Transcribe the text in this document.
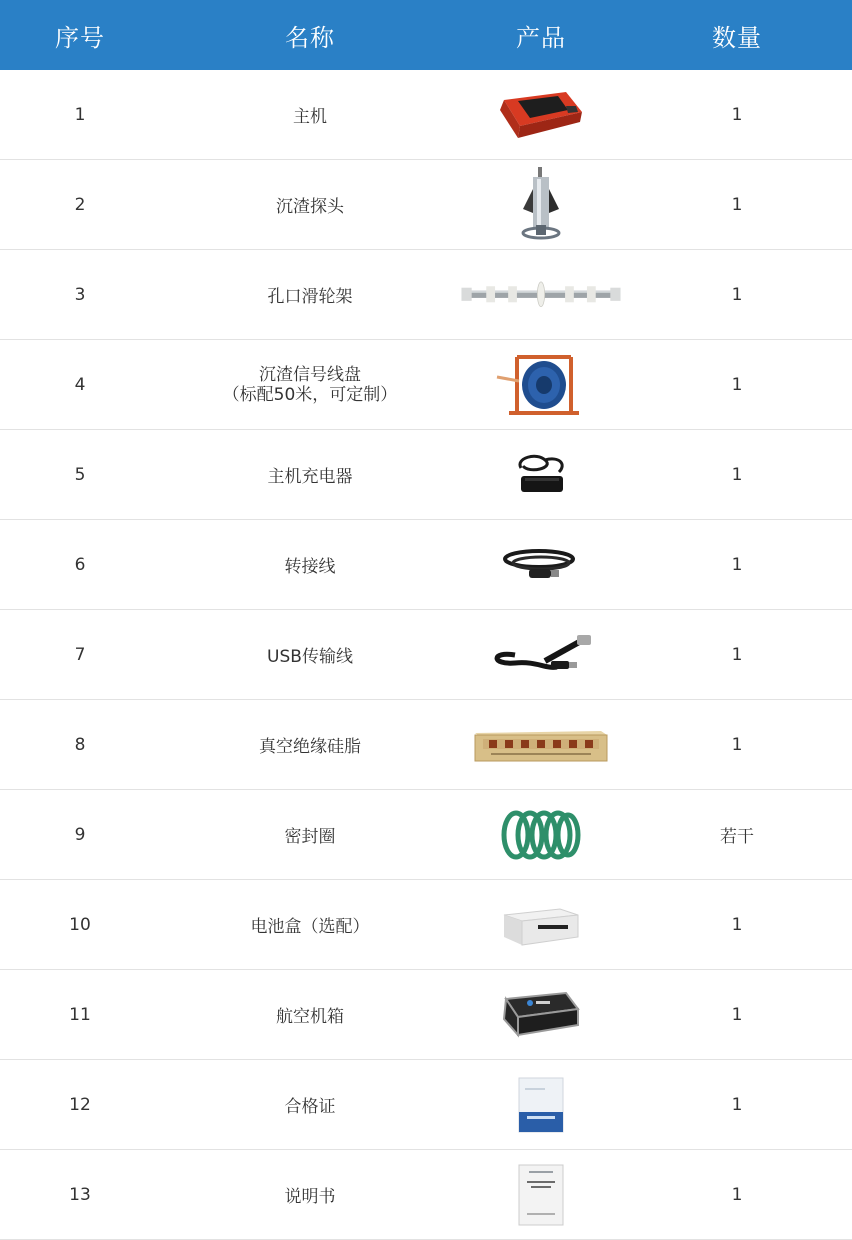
序号	名称	产品	数量
1	主机	1
2	沉渣探头	1
3	孔口滑轮架	1
4	沉渣信号线盘
（标配50米，可定制）	1
5	主机充电器	1
6	转接线	1
7	USB传输线	1
8	真空绝缘硅脂	1
9	密封圈	若干
10	电池盒（选配）	1
11	航空机箱	1
12	合格证	1
13	说明书	1
